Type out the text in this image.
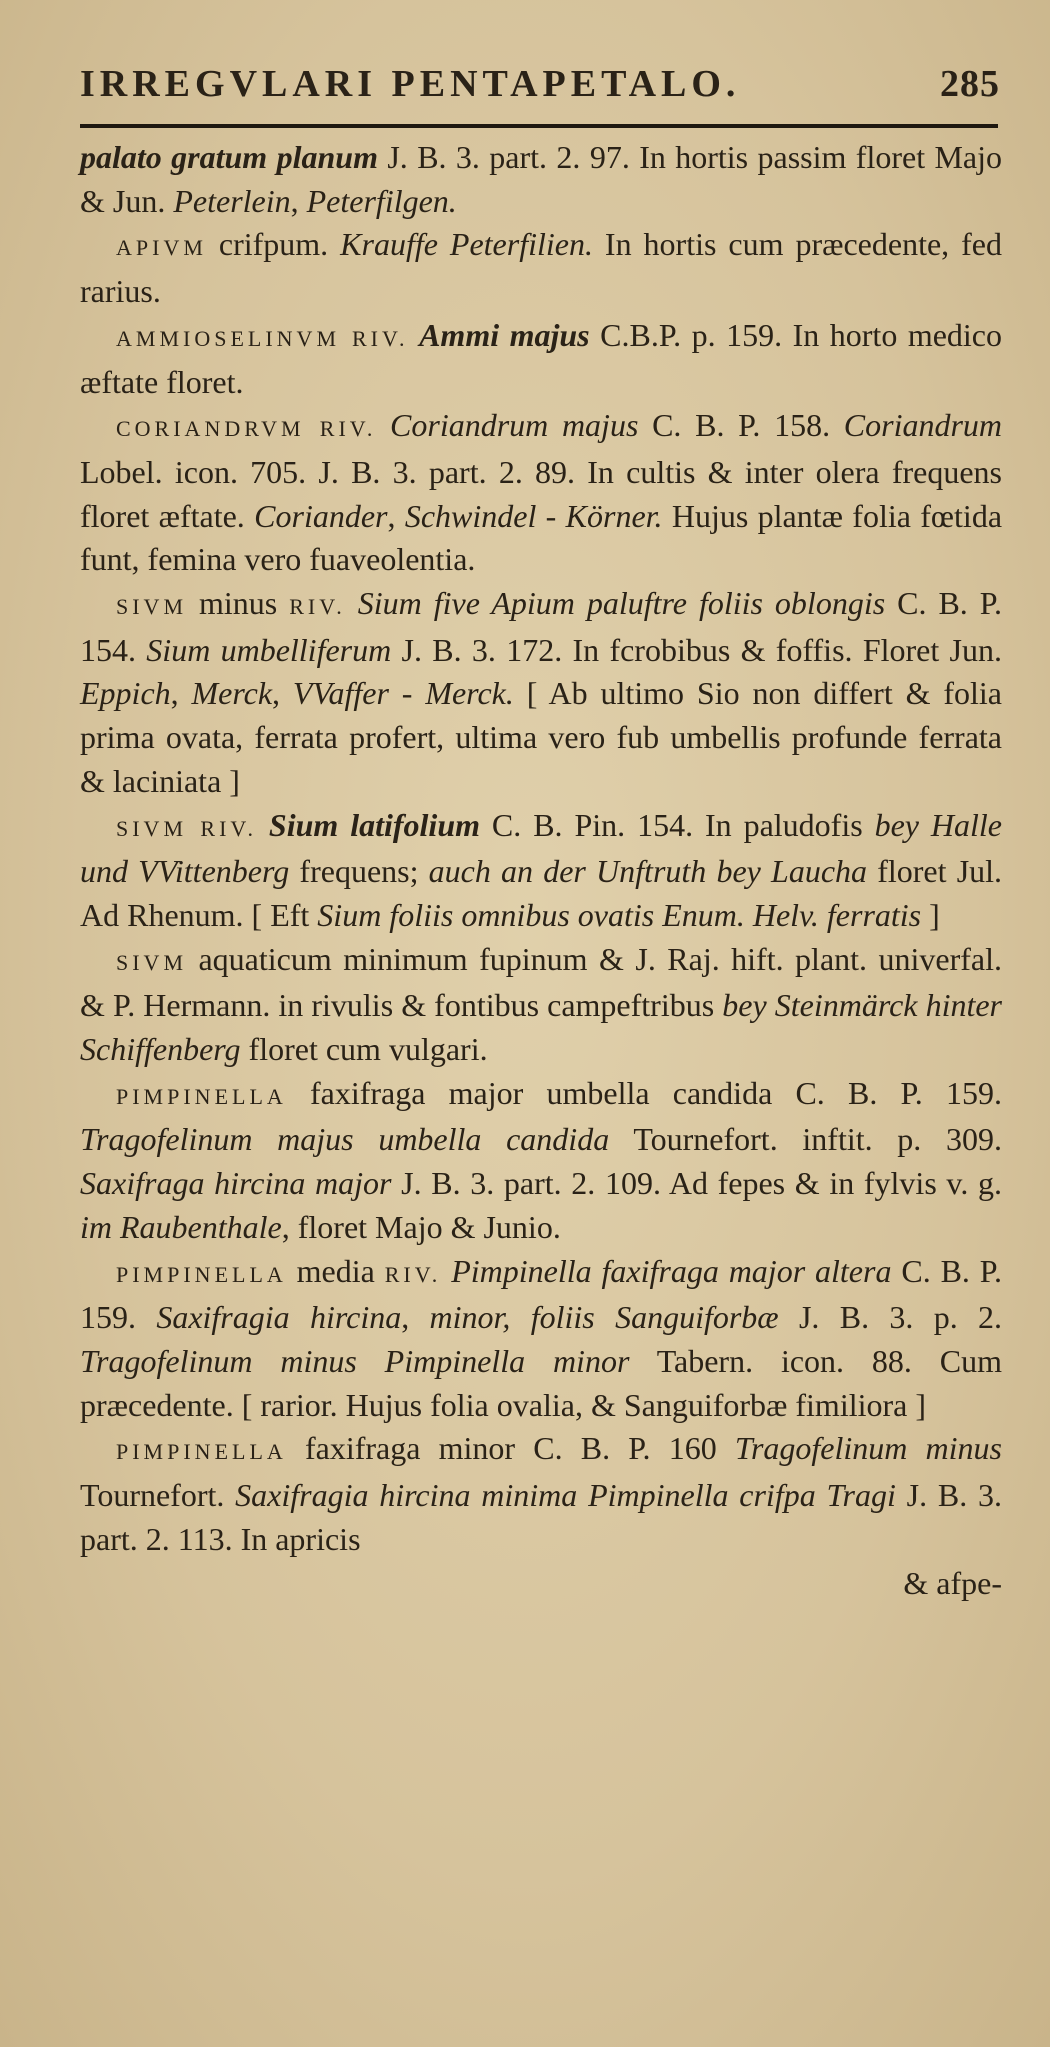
IRREGVLARI PENTAPETALO.	285

palato gratum planum J. B. 3. part. 2. 97. In hortis passim floret Majo & Jun. Peterlein, Peterfilgen.

APIVM crifpum. Krauffe Peterfilien. In hortis cum præcedente, fed rarius.

AMMIOSELINVM RIV. Ammi majus C.B.P. p. 159. In horto medico æftate floret.

CORIANDRVM RIV. Coriandrum majus C. B. P. 158. Coriandrum Lobel. icon. 705. J. B. 3. part. 2. 89. In cultis & inter olera frequens floret æftate. Coriander, Schwindel - Körner. Hujus plantæ folia fœtida funt, femina vero fuaveolentia.

SIVM minus RIV. Sium five Apium paluftre foliis oblongis C. B. P. 154. Sium umbelliferum J. B. 3. 172. In fcrobibus & foffis. Floret Jun. Eppich, Merck, VVaffer - Merck. [ Ab ultimo Sio non differt & folia prima ovata, ferrata profert, ultima vero fub umbellis profunde ferrata & laciniata ]

SIVM RIV. Sium latifolium C. B. Pin. 154. In paludofis bey Halle und VVittenberg frequens; auch an der Unftruth bey Laucha floret Jul. Ad Rhenum. [ Eft Sium foliis omnibus ovatis Enum. Helv. ferratis ]

SIVM aquaticum minimum fupinum & J. Raj. hift. plant. univerfal. & P. Hermann. in rivulis & fontibus campeftribus bey Steinmärck hinter Schiffenberg floret cum vulgari.

PIMPINELLA faxifraga major umbella candida C. B. P. 159. Tragofelinum majus umbella candida Tournefort. inftit. p. 309. Saxifraga hircina major J. B. 3. part. 2. 109. Ad fepes & in fylvis v. g. im Raubenthale, floret Majo & Junio.

PIMPINELLA media RIV. Pimpinella faxifraga major altera C. B. P. 159. Saxifragia hircina, minor, foliis Sanguiforbæ J. B. 3. p. 2. Tragofelinum minus Pimpinella minor Tabern. icon. 88. Cum præcedente. [ rarior. Hujus folia ovalia, & Sanguiforbæ fimiliora ]

PIMPINELLA faxifraga minor C. B. P. 160 Tragofelinum minus Tournefort. Saxifragia hircina minima Pimpinella crifpa Tragi J. B. 3. part. 2. 113. In apricis
& afpe-
